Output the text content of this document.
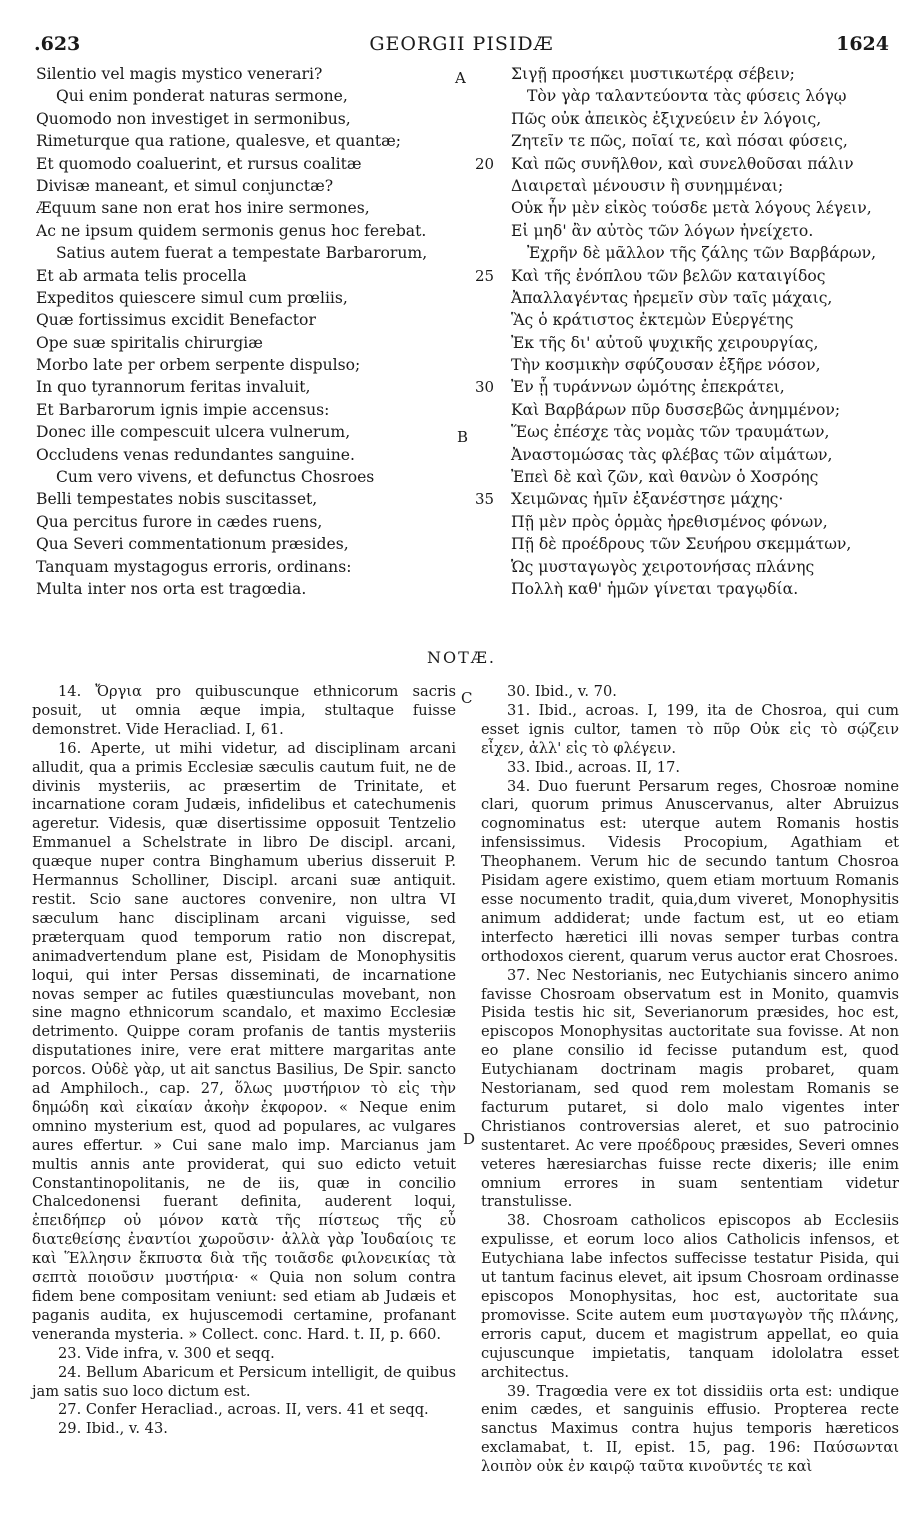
.623	GEORGII PISIDÆ	1624
Silentio vel magis mystico venerari?
Qui enim ponderat naturas sermone,
Quomodo non investiget in sermonibus,
Rimeturque qua ratione, qualesve, et quantæ;
Et quomodo coaluerint, et rursus coalitæ
Divisæ maneant, et simul conjunctæ?
Æquum sane non erat hos inire sermones,
Ac ne ipsum quidem sermonis genus hoc ferebat.
Satius autem fuerat a tempestate Barbarorum,
Et ab armata telis procella
Expeditos quiescere simul cum prœliis,
Quæ fortissimus excidit Benefactor
Ope suæ spiritalis chirurgiæ
Morbo late per orbem serpente dispulso;
In quo tyrannorum feritas invaluit,
Et Barbarorum ignis impie accensus:
Donec ille compescuit ulcera vulnerum,
Occludens venas redundantes sanguine.
Cum vero vivens, et defunctus Chosroes
Belli tempestates nobis suscitasset,
Qua percitus furore in cædes ruens,
Qua Severi commentationum præsides,
Tanquam mystagogus erroris, ordinans:
Multa inter nos orta est tragœdia.
Σιγῇ προσήκει μυστικωτέρᾳ σέβειν;
Τὸν γὰρ ταλαντεύοντα τὰς φύσεις λόγῳ
Πῶς οὐκ ἀπεικὸς ἐξιχνεύειν ἐν λόγοις,
Ζητεῖν τε πῶς, ποῖαί τε, καὶ πόσαι φύσεις,
20 Καὶ πῶς συνῆλθον, καὶ συνελθοῦσαι πάλιν
Διαιρεταὶ μένουσιν ἢ συνημμέναι;
Οὐκ ἦν μὲν εἰκὸς τούσδε μετὰ λόγους λέγειν,
Εἰ μηδ' ἂν αὐτὸς τῶν λόγων ἠνείχετο.
Ἐχρῆν δὲ μᾶλλον τῆς ζάλης τῶν Βαρβάρων,
25 Καὶ τῆς ἐνόπλου τῶν βελῶν καταιγίδος
Ἀπαλλαγέντας ἠρεμεῖν σὺν ταῖς μάχαις,
Ἃς ὁ κράτιστος ἐκτεμὼν Εὐεργέτης
Ἐκ τῆς δι' αὐτοῦ ψυχικῆς χειρουργίας,
Τὴν κοσμικὴν σφύζουσαν ἐξῆρε νόσον,
30 Ἐν ᾗ τυράννων ὠμότης ἐπεκράτει,
Καὶ Βαρβάρων πῦρ δυσσεβῶς ἀνημμένον;
Ἕως ἐπέσχε τὰς νομὰς τῶν τραυμάτων,
Ἀναστομώσας τὰς φλέβας τῶν αἱμάτων,
Ἐπεὶ δὲ καὶ ζῶν, καὶ θανὼν ὁ Χοσρόης
35 Χειμῶνας ἡμῖν ἐξανέστησε μάχης·
Πῇ μὲν πρὸς ὁρμὰς ἠρεθισμένος φόνων,
Πῇ δὲ προέδρους τῶν Σευήρου σκεμμάτων,
Ὡς μυσταγωγὸς χειροτονήσας πλάνης
Πολλὴ καθ' ἡμῶν γίνεται τραγῳδία.
A
B
C
D
NOTÆ.

14. Ὄργια pro quibuscunque ethnicorum sacris posuit, ut omnia æque impia, stultaque fuisse demonstret. Vide Heracliad. I, 61.

16. Aperte, ut mihi videtur, ad disciplinam arcani alludit, qua a primis Ecclesiæ sæculis cautum fuit, ne de divinis mysteriis, ac præsertim de Trinitate, et incarnatione coram Judæis, infidelibus et catechumenis ageretur. Videsis, quæ disertissime opposuit Tentzelio Emmanuel a Schelstrate in libro De discipl. arcani, quæque nuper contra Binghamum uberius disseruit P. Hermannus Scholliner, Discipl. arcani suæ antiquit. restit. Scio sane auctores convenire, non ultra VI sæculum hanc disciplinam arcani viguisse, sed præterquam quod temporum ratio non discrepat, animadvertendum plane est, Pisidam de Monophysitis loqui, qui inter Persas disseminati, de incarnatione novas semper ac futiles quæstiunculas movebant, non sine magno ethnicorum scandalo, et maximo Ecclesiæ detrimento. Quippe coram profanis de tantis mysteriis disputationes inire, vere erat mittere margaritas ante porcos. Οὐδὲ γὰρ, ut ait sanctus Basilius, De Spir. sancto ad Amphiloch., cap. 27, ὅλως μυστήριον τὸ εἰς τὴν δημώδη καὶ εἰκαίαν ἀκοὴν ἐκφορον. « Neque enim omnino mysterium est, quod ad populares, ac vulgares aures effertur. » Cui sane malo imp. Marcianus jam multis annis ante providerat, qui suo edicto vetuit Constantinopolitanis, ne de iis, quæ in concilio Chalcedonensi fuerant definita, auderent loqui, ἐπειδήπερ οὐ μόνον κατὰ τῆς πίστεως τῆς εὖ διατεθείσης ἐναντίοι χωροῦσιν· ἀλλὰ γὰρ Ἰουδαίοις τε καὶ Ἕλλησιν ἔκπυστα διὰ τῆς τοιᾶσδε φιλονεικίας τὰ σεπτὰ ποιοῦσιν μυστήρια· « Quia non solum contra fidem bene compositam veniunt: sed etiam ab Judæis et paganis audita, ex hujuscemodi certamine, profanant veneranda mysteria. » Collect. conc. Hard. t. II, p. 660.

23. Vide infra, v. 300 et seqq.

24. Bellum Abaricum et Persicum intelligit, de quibus jam satis suo loco dictum est.

27. Confer Heracliad., acroas. II, vers. 41 et seqq.

29. Ibid., v. 43.

30. Ibid., v. 70.

31. Ibid., acroas. I, 199, ita de Chosroa, qui cum esset ignis cultor, tamen τὸ πῦρ Οὐκ εἰς τὸ σῴζειν εἶχεν, ἀλλ' εἰς τὸ φλέγειν.

33. Ibid., acroas. II, 17.

34. Duo fuerunt Persarum reges, Chosroæ nomine clari, quorum primus Anuscervanus, alter Abruizus cognominatus est: uterque autem Romanis hostis infensissimus. Videsis Procopium, Agathiam et Theophanem. Verum hic de secundo tantum Chosroa Pisidam agere existimo, quem etiam mortuum Romanis esse nocumento tradit, quia,dum viveret, Monophysitis animum addiderat; unde factum est, ut eo etiam interfecto hæretici illi novas semper turbas contra orthodoxos cierent, quarum verus auctor erat Chosroes.

37. Nec Nestorianis, nec Eutychianis sincero animo favisse Chosroam observatum est in Monito, quamvis Pisida testis hic sit, Severianorum præsides, hoc est, episcopos Monophysitas auctoritate sua fovisse. At non eo plane consilio id fecisse putandum est, quod Eutychianam doctrinam magis probaret, quam Nestorianam, sed quod rem molestam Romanis se facturum putaret, si dolo malo vigentes inter Christianos controversias aleret, et suo patrocinio sustentaret. Ac vere προέδρους præsides, Severi omnes veteres hæresiarchas fuisse recte dixeris; ille enim omnium errores in suam sententiam videtur transtulisse.

38. Chosroam catholicos episcopos ab Ecclesiis expulisse, et eorum loco alios Catholicis infensos, et Eutychiana labe infectos suffecisse testatur Pisida, qui ut tantum facinus elevet, ait ipsum Chosroam ordinasse episcopos Monophysitas, hoc est, auctoritate sua promovisse. Scite autem eum μυσταγωγὸν τῆς πλάνης, erroris caput, ducem et magistrum appellat, eo quia cujuscunque impietatis, tanquam idololatra esset architectus.

39. Tragœdia vere ex tot dissidiis orta est: undique enim cædes, et sanguinis effusio. Propterea recte sanctus Maximus contra hujus temporis hæreticos exclamabat, t. II, epist. 15, pag. 196: Παύσωνται λοιπὸν οὐκ ἐν καιρῷ ταῦτα κινοῦντές τε καὶ
